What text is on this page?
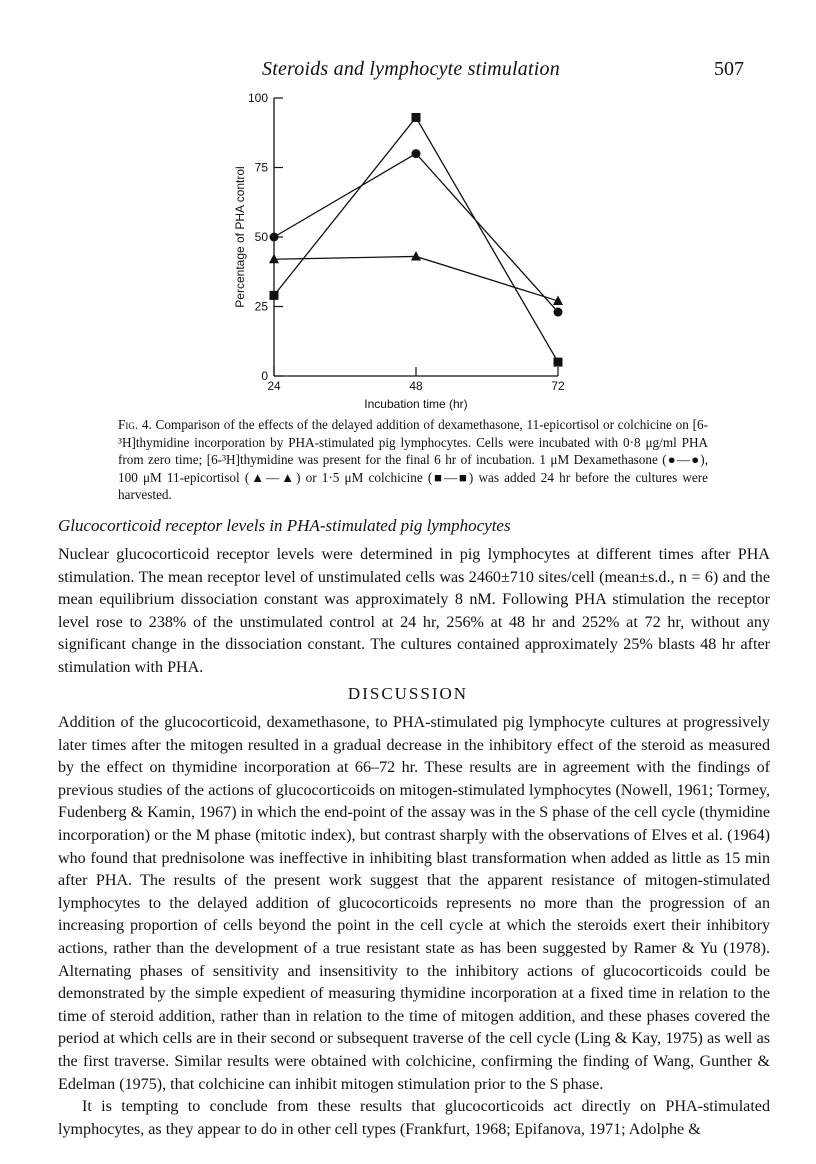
Steroids and lymphocyte stimulation	507
0
25
50
75
100
24	48	72
Incubation time (hr)
Percentage of PHA control
Fig. 4. Comparison of the effects of the delayed addition of dexamethasone, 11-epicortisol or colchicine on [6-³H]thymidine incorporation by PHA-stimulated pig lymphocytes. Cells were incubated with 0·8 μg/ml PHA from zero time; [6-³H]thymidine was present for the final 6 hr of incubation. 1 μM Dexamethasone (●—●), 100 μM 11-epicortisol (▲—▲) or 1·5 μM colchicine (■—■) was added 24 hr before the cultures were harvested.
Glucocorticoid receptor levels in PHA-stimulated pig lymphocytes

Nuclear glucocorticoid receptor levels were determined in pig lymphocytes at different times after PHA stimulation. The mean receptor level of unstimulated cells was 2460±710 sites/cell (mean±s.d., n = 6) and the mean equilibrium dissociation constant was approximately 8 nM. Following PHA stimulation the receptor level rose to 238% of the unstimulated control at 24 hr, 256% at 48 hr and 252% at 72 hr, without any significant change in the dissociation constant. The cultures contained approximately 25% blasts 48 hr after stimulation with PHA.

DISCUSSION

Addition of the glucocorticoid, dexamethasone, to PHA-stimulated pig lymphocyte cultures at progressively later times after the mitogen resulted in a gradual decrease in the inhibitory effect of the steroid as measured by the effect on thymidine incorporation at 66–72 hr. These results are in agreement with the findings of previous studies of the actions of glucocorticoids on mitogen-stimulated lymphocytes (Nowell, 1961; Tormey, Fudenberg & Kamin, 1967) in which the end-point of the assay was in the S phase of the cell cycle (thymidine incorporation) or the M phase (mitotic index), but contrast sharply with the observations of Elves et al. (1964) who found that prednisolone was ineffective in inhibiting blast transformation when added as little as 15 min after PHA. The results of the present work suggest that the apparent resistance of mitogen-stimulated lymphocytes to the delayed addition of glucocorticoids represents no more than the progression of an increasing proportion of cells beyond the point in the cell cycle at which the steroids exert their inhibitory actions, rather than the development of a true resistant state as has been suggested by Ramer & Yu (1978). Alternating phases of sensitivity and insensitivity to the inhibitory actions of glucocorticoids could be demonstrated by the simple expedient of measuring thymidine incorporation at a fixed time in relation to the time of steroid addition, rather than in relation to the time of mitogen addition, and these phases covered the period at which cells are in their second or subsequent traverse of the cell cycle (Ling & Kay, 1975) as well as the first traverse. Similar results were obtained with colchicine, confirming the finding of Wang, Gunther & Edelman (1975), that colchicine can inhibit mitogen stimulation prior to the S phase.

It is tempting to conclude from these results that glucocorticoids act directly on PHA-stimulated lymphocytes, as they appear to do in other cell types (Frankfurt, 1968; Epifanova, 1971; Adolphe &
